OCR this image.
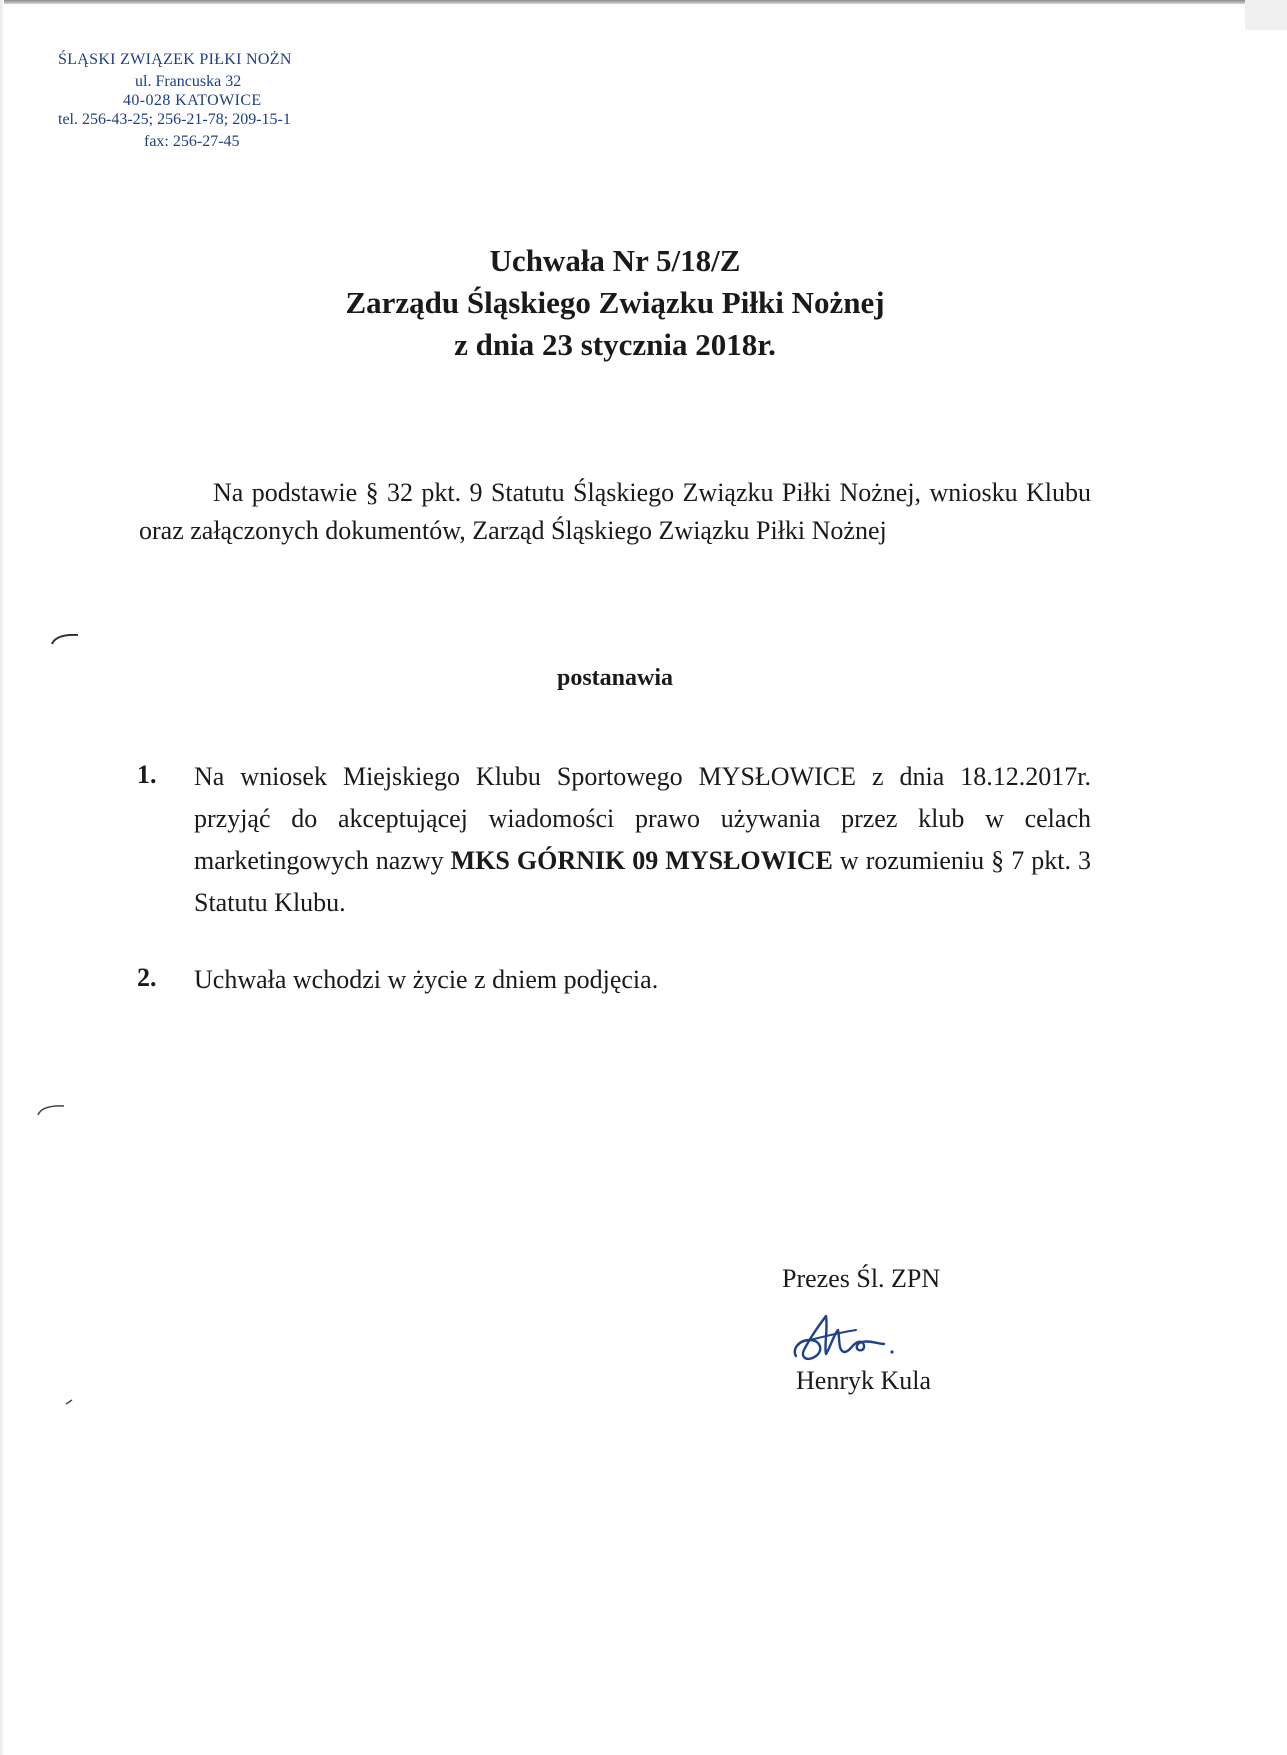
ŚLĄSKI ZWIĄZEK PIŁKI NOŻN
ul. Francuska 32
40-028 KATOWICE
tel. 256-43-25; 256-21-78; 209-15-1
fax: 256-27-45
Uchwała Nr 5/18/Z
Zarządu Śląskiego Związku Piłki Nożnej
z dnia 23 stycznia 2018r.
Na podstawie § 32 pkt. 9 Statutu Śląskiego Związku Piłki Nożnej, wniosku Klubu oraz załączonych dokumentów, Zarząd Śląskiego Związku Piłki Nożnej
postanawia
1. Na wniosek Miejskiego Klubu Sportowego MYSŁOWICE z dnia 18.12.2017r. przyjąć do akceptującej wiadomości prawo używania przez klub w celach marketingowych nazwy MKS GÓRNIK 09 MYSŁOWICE w rozumieniu § 7 pkt. 3 Statutu Klubu.
2. Uchwała wchodzi w życie z dniem podjęcia.
Prezes Śl. ZPN
Henryk Kula
